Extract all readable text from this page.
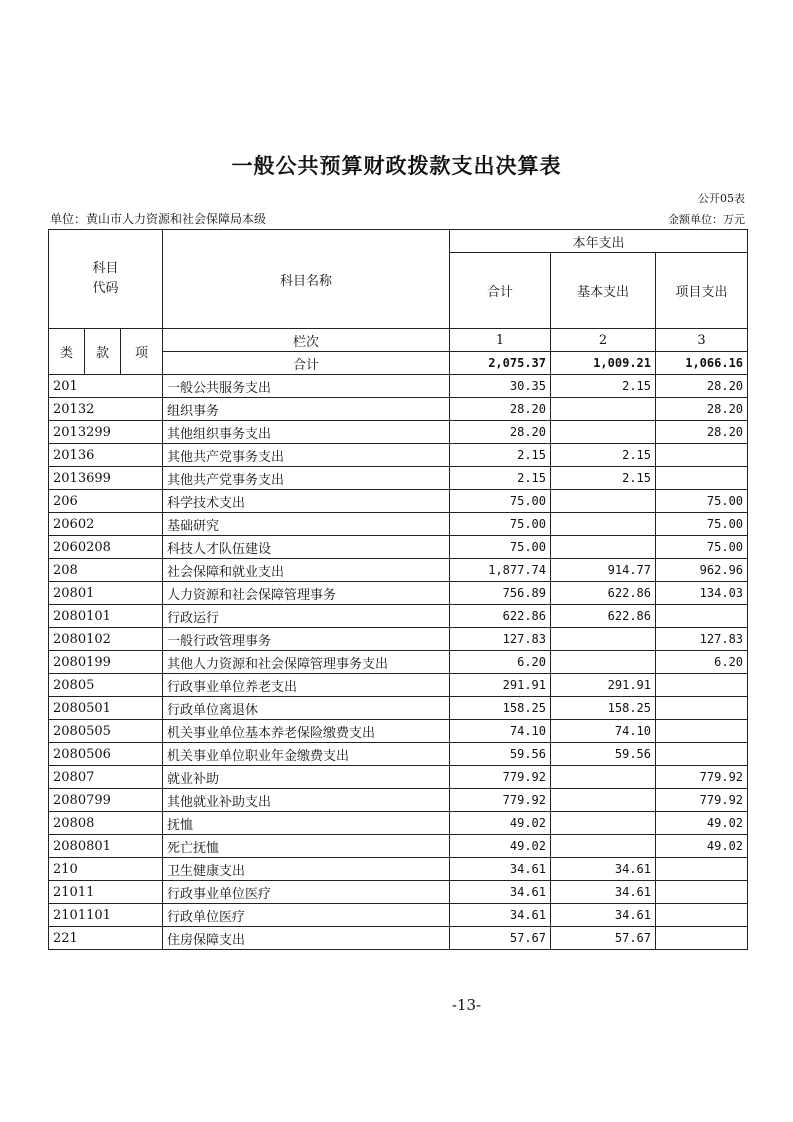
一般公共预算财政拨款支出决算表
公开05表
单位：黄山市人力资源和社会保障局本级	金额单位：万元
科目
代码			科目名称	本年支出		
				合计	基本支出	项目支出

类	款	项	栏次	1	2	3
			合计	2,075.37	1,009.21	1,066.16
201			一般公共服务支出	30.35	2.15	28.20
20132			组织事务	28.20		28.20
2013299			其他组织事务支出	28.20		28.20
20136			其他共产党事务支出	2.15	2.15	
2013699			其他共产党事务支出	2.15	2.15	
206			科学技术支出	75.00		75.00
20602			基础研究	75.00		75.00
2060208			科技人才队伍建设	75.00		75.00
208			社会保障和就业支出	1,877.74	914.77	962.96
20801			人力资源和社会保障管理事务	756.89	622.86	134.03
2080101			行政运行	622.86	622.86	
2080102			一般行政管理事务	127.83		127.83
2080199			其他人力资源和社会保障管理事务支出	6.20		6.20
20805			行政事业单位养老支出	291.91	291.91	
2080501			行政单位离退休	158.25	158.25	
2080505			机关事业单位基本养老保险缴费支出	74.10	74.10	
2080506			机关事业单位职业年金缴费支出	59.56	59.56	
20807			就业补助	779.92		779.92
2080799			其他就业补助支出	779.92		779.92
20808			抚恤	49.02		49.02
2080801			死亡抚恤	49.02		49.02
210			卫生健康支出	34.61	34.61	
21011			行政事业单位医疗	34.61	34.61	
2101101			行政单位医疗	34.61	34.61	
221			住房保障支出	57.67	57.67	
-13-
